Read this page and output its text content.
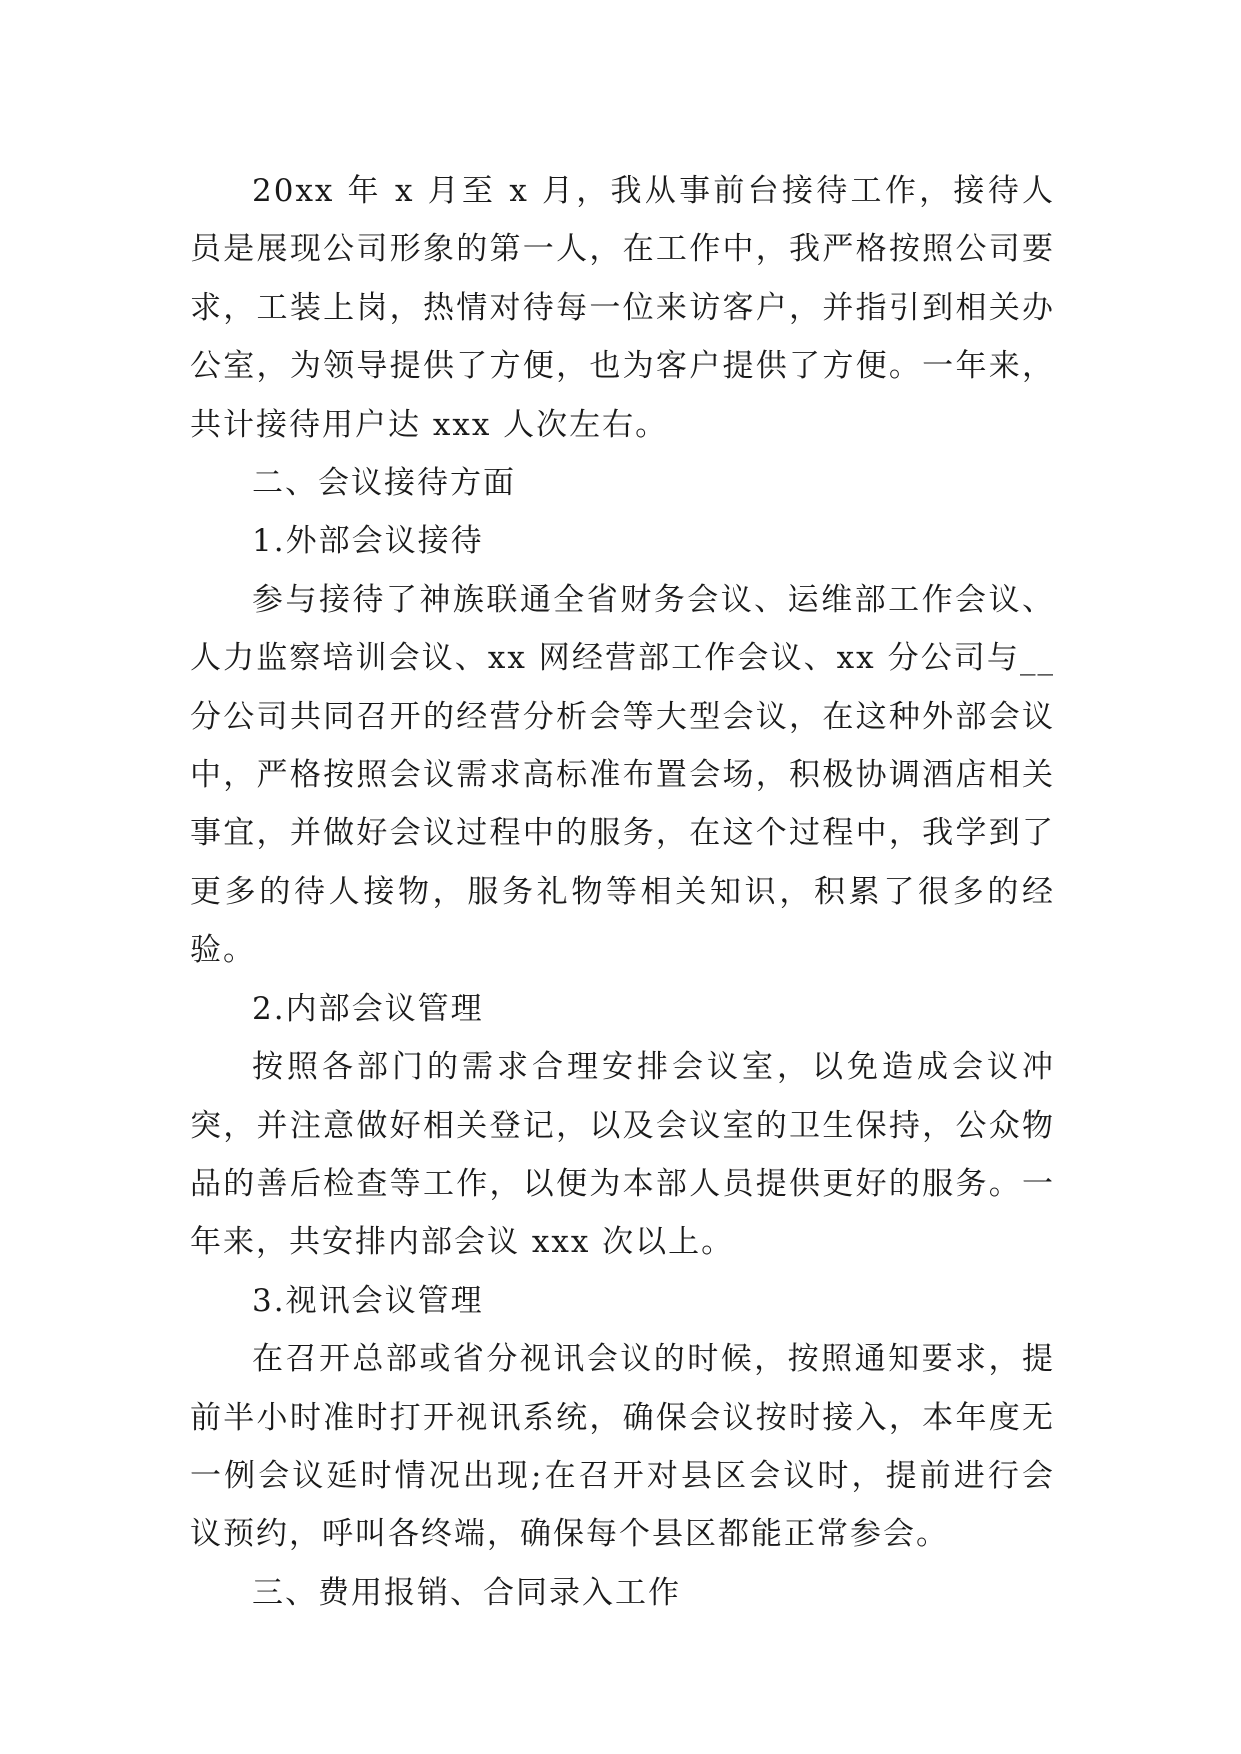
20xx 年 x 月至 x 月，我从事前台接待工作，接待人员是展现公司形象的第一人，在工作中，我严格按照公司要求，工装上岗，热情对待每一位来访客户，并指引到相关办公室，为领导提供了方便，也为客户提供了方便。一年来，共计接待用户达 xxx 人次左右。

二、会议接待方面

1.外部会议接待

参与接待了神族联通全省财务会议、运维部工作会议、人力监察培训会议、xx 网经营部工作会议、xx 分公司与__分公司共同召开的经营分析会等大型会议，在这种外部会议中，严格按照会议需求高标准布置会场，积极协调酒店相关事宜，并做好会议过程中的服务，在这个过程中，我学到了更多的待人接物，服务礼物等相关知识，积累了很多的经验。

2.内部会议管理

按照各部门的需求合理安排会议室，以免造成会议冲突，并注意做好相关登记，以及会议室的卫生保持，公众物品的善后检查等工作，以便为本部人员提供更好的服务。一年来，共安排内部会议 xxx 次以上。

3.视讯会议管理

在召开总部或省分视讯会议的时候，按照通知要求，提前半小时准时打开视讯系统，确保会议按时接入，本年度无一例会议延时情况出现;在召开对县区会议时，提前进行会议预约，呼叫各终端，确保每个县区都能正常参会。

三、费用报销、合同录入工作
